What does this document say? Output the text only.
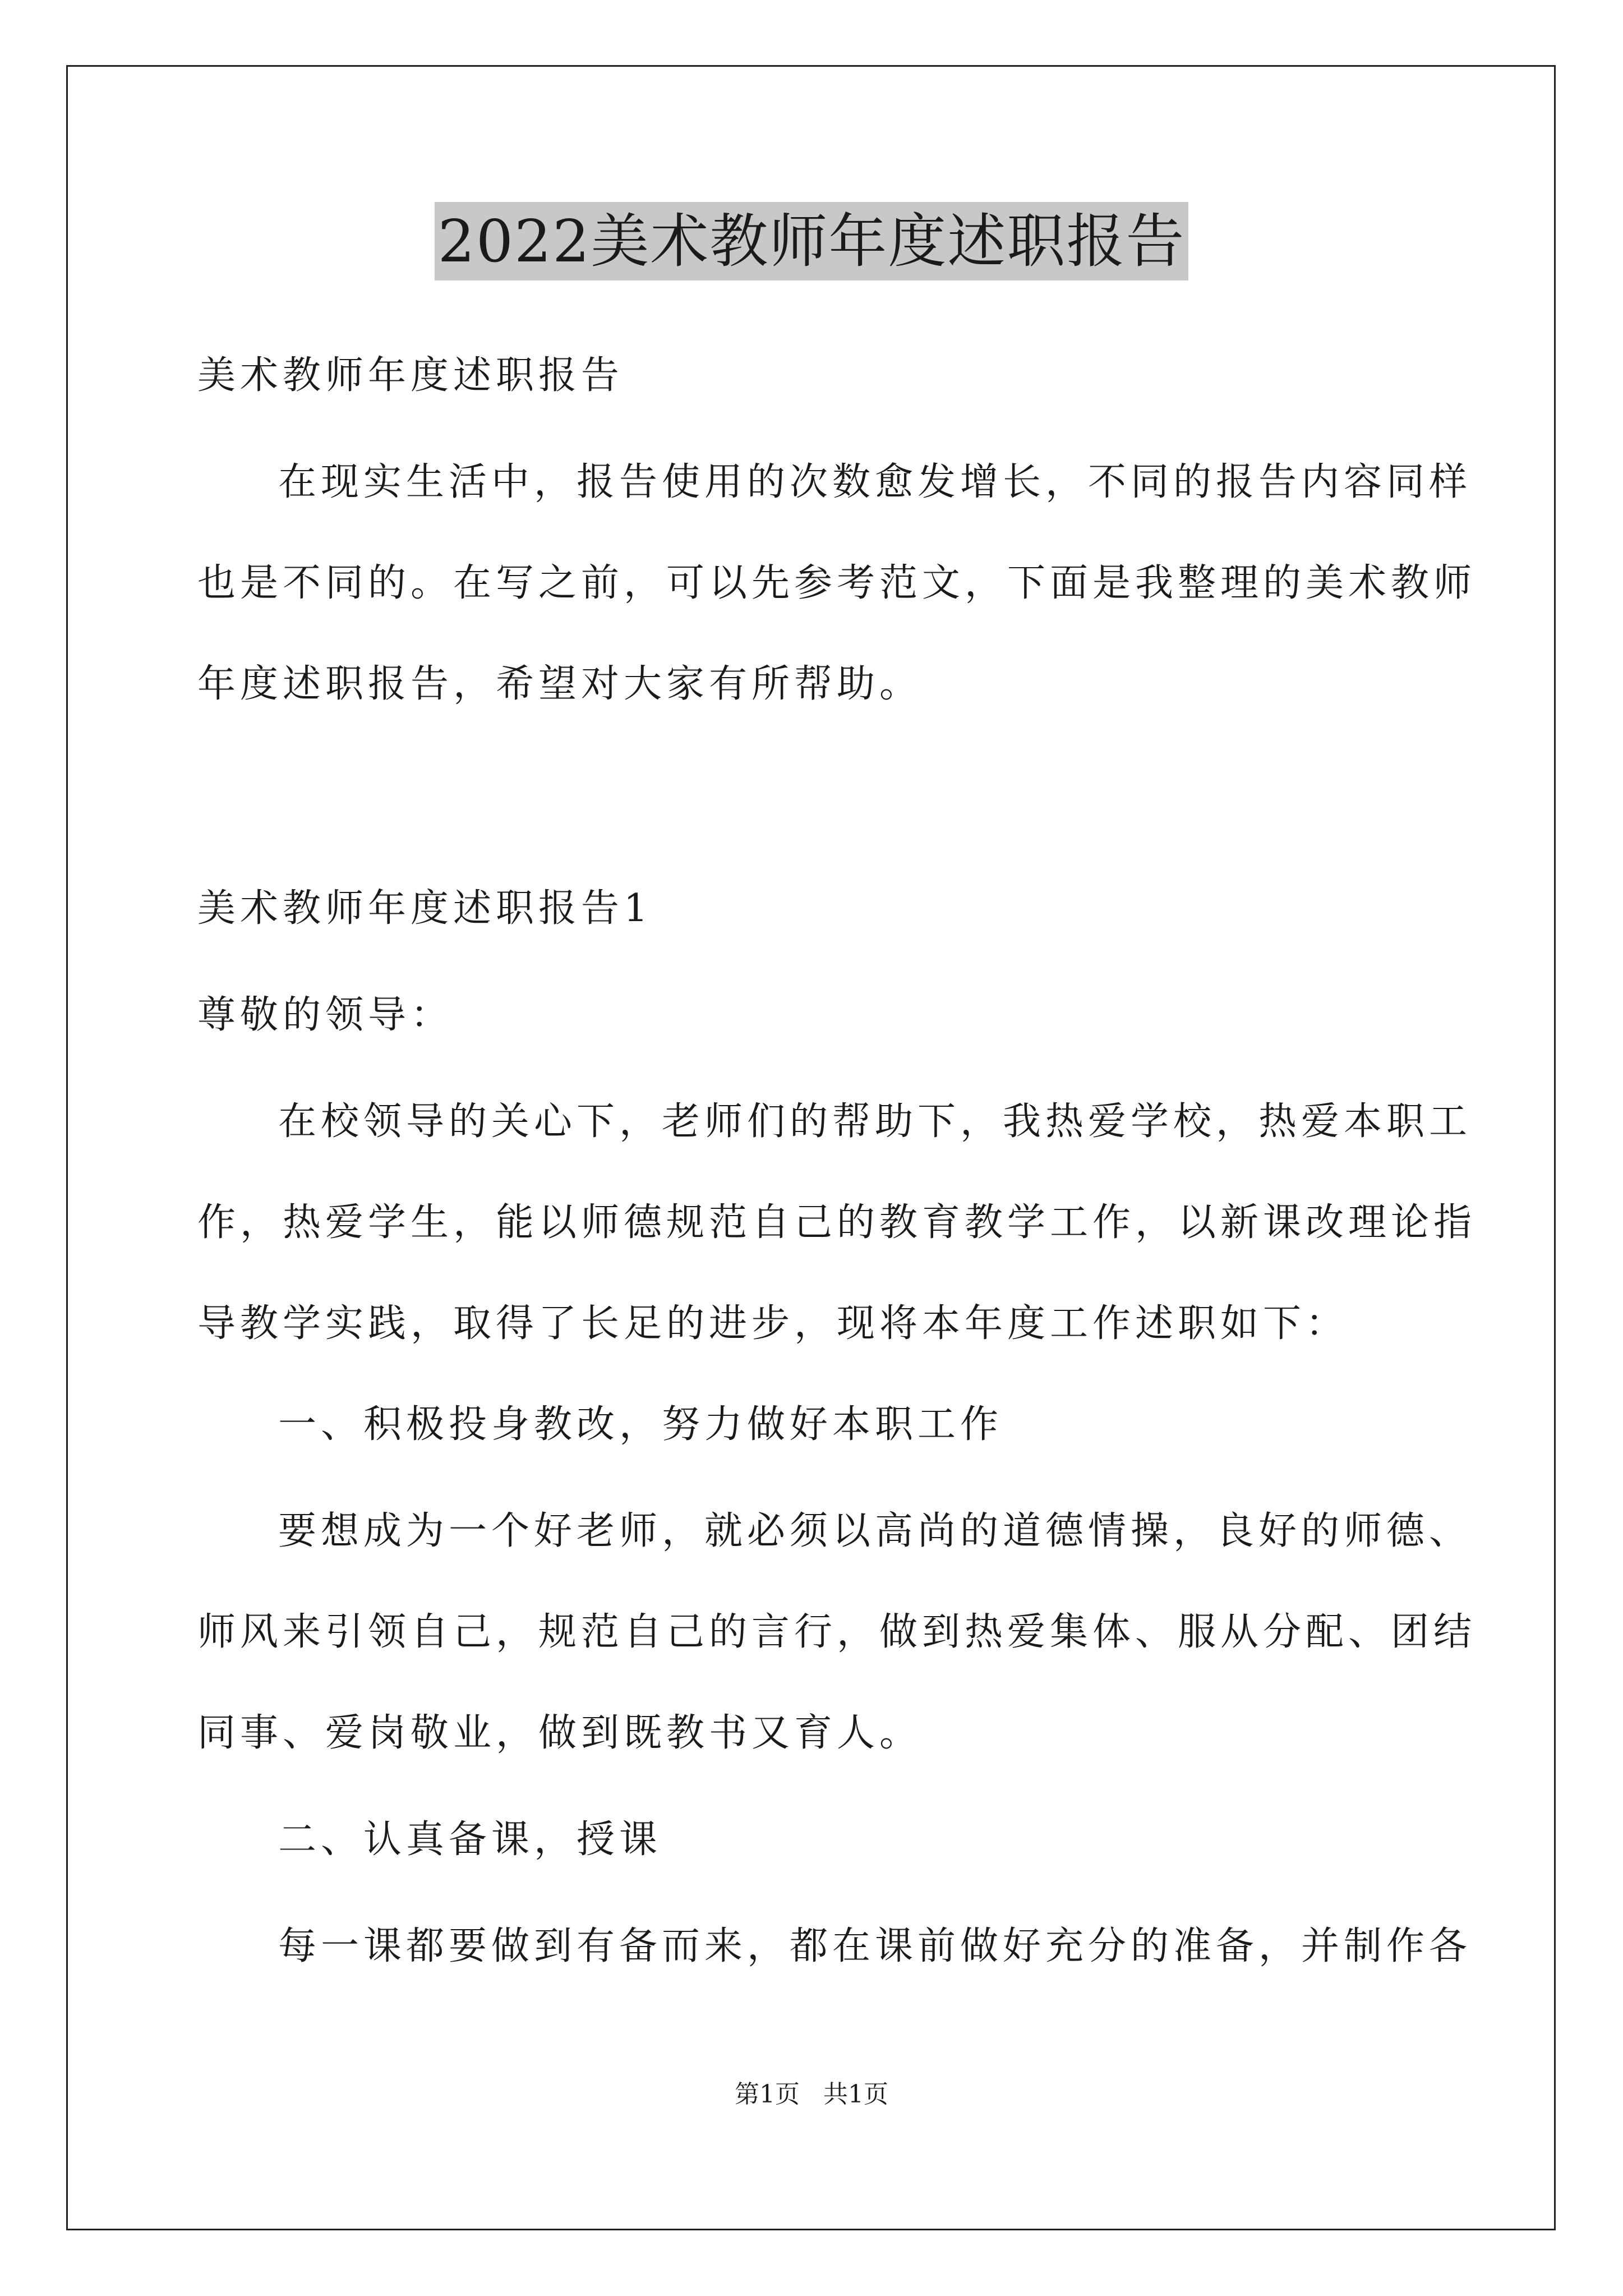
2022美术教师年度述职报告
美术教师年度述职报告
在现实生活中，报告使用的次数愈发增长，不同的报告内容同样
也是不同的。在写之前，可以先参考范文，下面是我整理的美术教师
年度述职报告，希望对大家有所帮助。
美术教师年度述职报告1
尊敬的领导：
在校领导的关心下，老师们的帮助下，我热爱学校，热爱本职工
作，热爱学生，能以师德规范自己的教育教学工作，以新课改理论指
导教学实践，取得了长足的进步，现将本年度工作述职如下：
一、积极投身教改，努力做好本职工作
要想成为一个好老师，就必须以高尚的道德情操，良好的师德、
师风来引领自己，规范自己的言行，做到热爱集体、服从分配、团结
同事、爱岗敬业，做到既教书又育人。
二、认真备课，授课
每一课都要做到有备而来，都在课前做好充分的准备，并制作各
第1页 共1页
